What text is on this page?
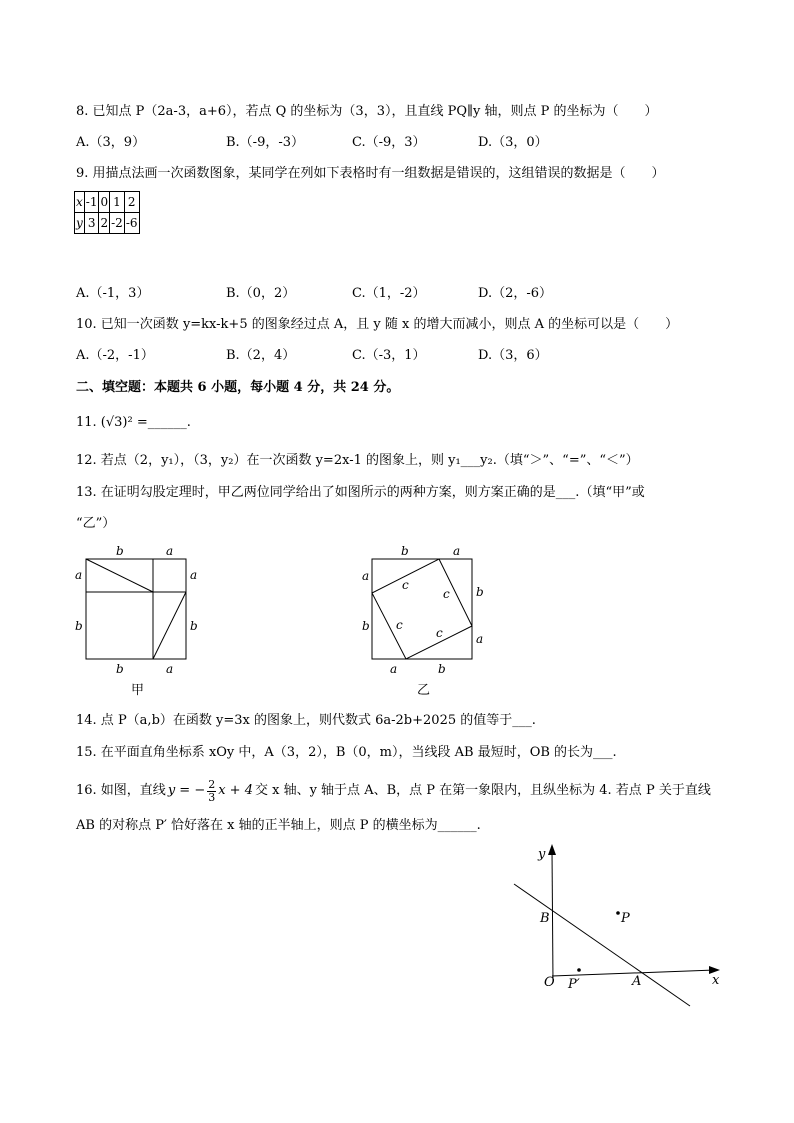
8. 已知点 P（2a-3，a+6），若点 Q 的坐标为（3，3），且直线 PQ∥y 轴，则点 P 的坐标为（　　）
A.（3，9）	B.（-9，-3）	C.（-9，3）	D.（3，0）
9. 用描点法画一次函数图象，某同学在列如下表格时有一组数据是错误的，这组错误的数据是（　　）
x	-1	0	1	2
y	3	2	-2	-6
A.（-1，3）	B.（0，2）	C.（1，-2）	D.（2，-6）
10. 已知一次函数 y=kx-k+5 的图象经过点 A，且 y 随 x 的增大而减小，则点 A 的坐标可以是（　　）
A.（-2，-1）	B.（2，4）	C.（-3，1）	D.（3，6）
二、填空题：本题共 6 小题，每小题 4 分，共 24 分。
11. (√3)² =______.
12. 若点（2，y₁），（3，y₂）在一次函数 y=2x-1 的图象上，则 y₁___y₂.（填“＞”、“=”、“＜”）
13. 在证明勾股定理时，甲乙两位同学给出了如图所示的两种方案，则方案正确的是___.（填“甲”或
“乙”）
b	a
a	a
b	b
b	a
甲
b	a
a
b
b
a
a	b
c
c
c
c
乙
14. 点 P（a,b）在函数 y=3x 的图象上，则代数式 6a-2b+2025 的值等于___.
15. 在平面直角坐标系 xOy 中，A（3，2），B（0，m），当线段 AB 最短时，OB 的长为___.
16. 如图，直线 y = − $\frac{2}{3}$ x + 4 交 x 轴、y 轴于点 A、B，点 P 在第一象限内，且纵坐标为 4. 若点 P 关于直线
AB 的对称点 P′ 恰好落在 x 轴的正半轴上，则点 P 的横坐标为______.
y
x
O
B	P
P′	A
